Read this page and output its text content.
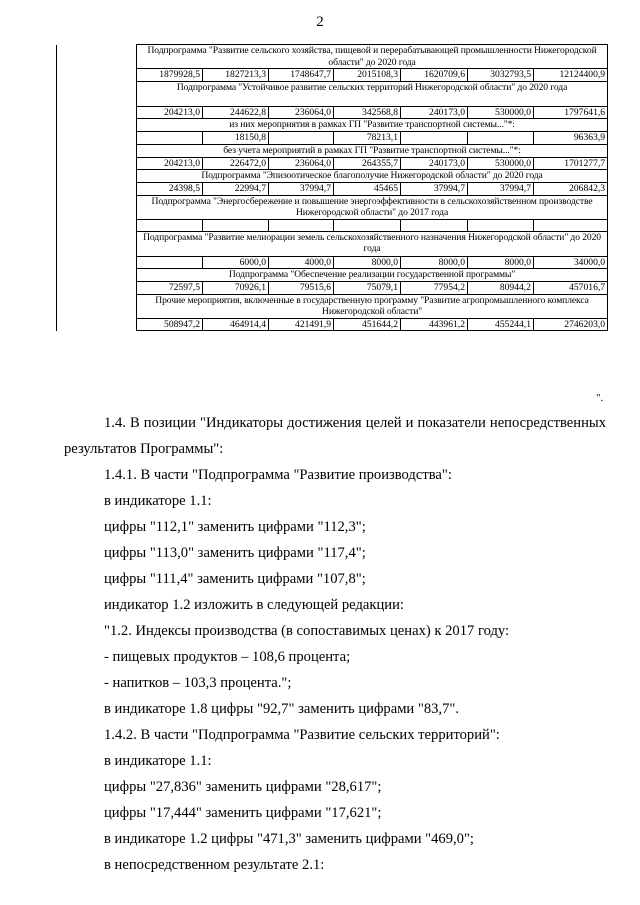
2
	Подпрограмма "Развитие сельского хозяйства, пищевой и перерабатывающей промышленности Нижегородской области" до 2020 года						
	1879928,5	1827213,3	1748647,7	2015108,3	1620709,6	3032793,5	12124400,9
	Подпрограмма "Устойчивое развитие сельских территорий Нижегородской области" до 2020 года						
	204213,0	244622,8	236064,0	342568,8	240173,0	530000,0	1797641,6
	из них мероприятия в рамках ГП "Развитие транспортной системы..."*:						
		18150,8		78213,1			96363,9
	без учета мероприятий в рамках ГП "Развитие транспортной системы..."*:						
	204213,0	226472,0	236064,0	264355,7	240173,0	530000,0	1701277,7
	Подпрограмма "Эпизоотическое благополучие Нижегородской области" до 2020 года						
	24398,5	22994,7	37994,7	45465	37994,7	37994,7	206842,3
	Подпрограмма "Энергосбережение и повышение энергоэффективности в сельскохозяйственном производстве Нижегородской области" до 2017 года						

	Подпрограмма "Развитие мелиорации земель сельскохозяйственного назначения Нижегородской области" до 2020 года						
		6000,0	4000,0	8000,0	8000,0	8000,0	34000,0
	Подпрограмма "Обеспечение реализации государственной программы"						
	72597,5	70926,1	79515,6	75079,1	77954,2	80944,2	457016,7
	Прочие мероприятия, включенные в государственную программу "Развитие агропромышленного комплекса Нижегородской области"						
	508947,2	464914,4	421491,9	451644,2	443961,2	455244,1	2746203,0
".

1.4. В позиции "Индикаторы достижения целей и показатели непосредственных результатов Программы":

1.4.1. В части "Подпрограмма "Развитие производства":

в индикаторе 1.1:

цифры "112,1" заменить цифрами "112,3";

цифры "113,0" заменить цифрами "117,4";

цифры "111,4" заменить цифрами "107,8";

индикатор 1.2 изложить в следующей редакции:

"1.2. Индексы производства (в сопоставимых ценах) к 2017 году:

- пищевых продуктов – 108,6 процента;

- напитков – 103,3 процента.";

в индикаторе 1.8 цифры "92,7" заменить цифрами "83,7".

1.4.2. В части "Подпрограмма "Развитие сельских территорий":

в индикаторе 1.1:

цифры "27,836" заменить цифрами "28,617";

цифры "17,444" заменить цифрами "17,621";

в индикаторе 1.2 цифры "471,3" заменить цифрами "469,0";

в непосредственном результате 2.1:
